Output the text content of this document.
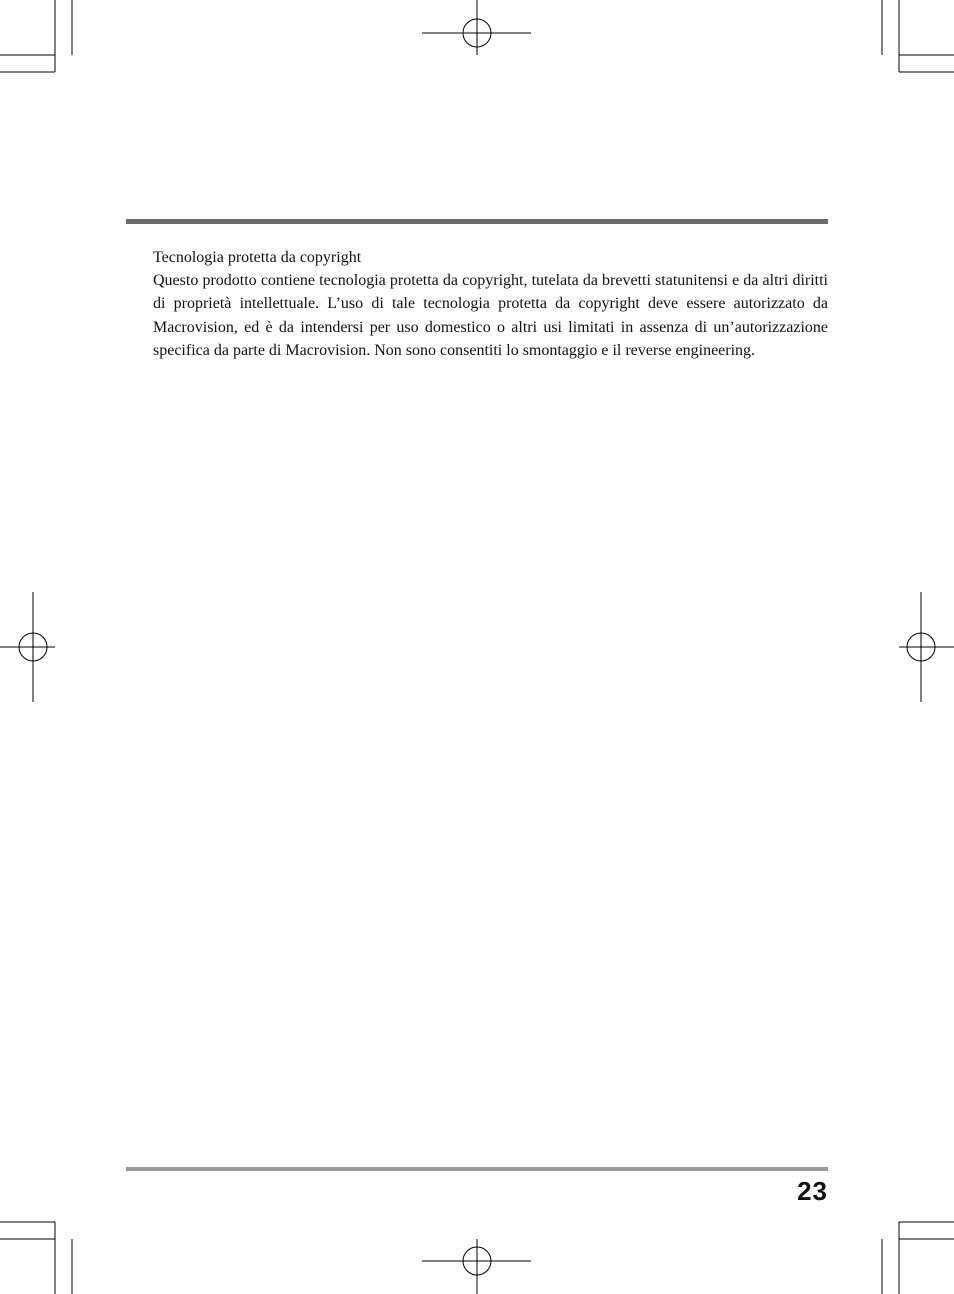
Tecnologia protetta da copyright

Questo prodotto contiene tecnologia protetta da copyright, tutelata da brevetti statunitensi e da altri diritti di proprietà intellettuale. L’uso di tale tecnologia protetta da copyright deve essere autorizzato da Macrovision, ed è da intendersi per uso domestico o altri usi limitati in assenza di un’autorizzazione specifica da parte di Macrovision. Non sono consentiti lo smontaggio e il reverse engineering.

23
